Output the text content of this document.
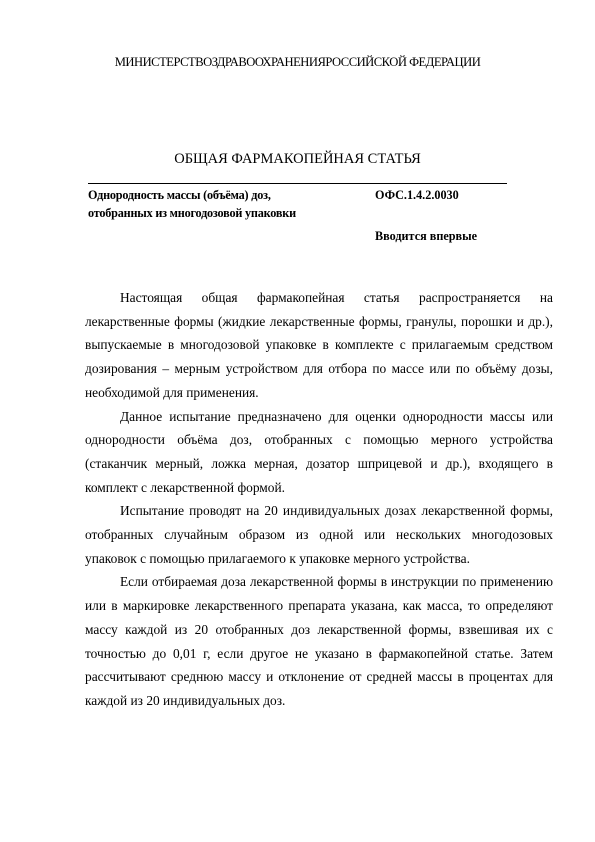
МИНИСТЕРСТВОЗДРАВООХРАНЕНИЯРОССИЙСКОЙ ФЕДЕРАЦИИ
ОБЩАЯ ФАРМАКОПЕЙНАЯ СТАТЬЯ
Однородность массы (объёма) доз,
отобранных из многодозовой упаковки
ОФС.1.4.2.0030
Вводится впервые

Настоящая общая фармакопейная статья распространяется на лекарственные формы (жидкие лекарственные формы, гранулы, порошки и др.), выпускаемые в многодозовой упаковке в комплекте с прилагаемым средством дозирования – мерным устройством для отбора по массе или по объёму дозы, необходимой для применения.

Данное испытание предназначено для оценки однородности массы или однородности объёма доз, отобранных с помощью мерного устройства (стаканчик мерный, ложка мерная, дозатор шприцевой и др.), входящего в комплект с лекарственной формой.

Испытание проводят на 20 индивидуальных дозах лекарственной формы, отобранных случайным образом из одной или нескольких многодозовых упаковок с помощью прилагаемого к упаковке мерного устройства.

Если отбираемая доза лекарственной формы в инструкции по применению или в маркировке лекарственного препарата указана, как масса, то определяют массу каждой из 20 отобранных доз лекарственной формы, взвешивая их с точностью до 0,01 г, если другое не указано в фармакопейной статье. Затем рассчитывают среднюю массу и отклонение от средней массы в процентах для каждой из 20 индивидуальных доз.
